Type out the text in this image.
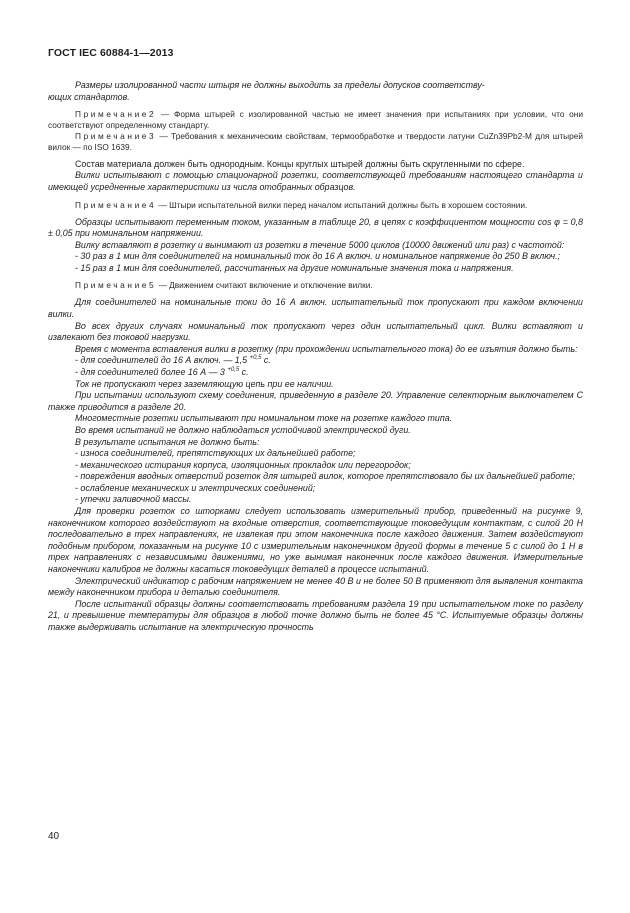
ГОСТ IEC 60884-1—2013

Размеры изолированной части штыря не должны выходить за пределы допусков соответству-
ющих стандартов.

Примечание2 — Форма штырей с изолированной частью не имеет значения при испытаниях при условии, что они соответствуют определенному стандарту.

Примечание3 — Требования к механическим свойствам, термообработке и твердости латуни CuZn39Pb2-M для штырей вилок — по ISO 1639.

Состав материала должен быть однородным. Концы круглых штырей должны быть скругленными по сфере.

Вилки испытывают с помощью стационарной розетки, соответствующей требованиям настоящего стандарта и имеющей усредненные характеристики из числа отобранных образцов.

Примечание4 — Штыри испытательной вилки перед началом испытаний должны быть в хорошем состоянии.

Образцы испытывают переменным током, указанным в таблице 20, в цепях с коэффициентом мощности cos φ = 0,8 ± 0,05 при номинальном напряжении.

Вилку вставляют в розетку и вынимают из розетки в течение 5000 циклов (10000 движений или раз) с частотой:

- 30 раз в 1 мин для соединителей на номинальный ток до 16 А включ. и номинальное напряжение до 250 В включ.;

- 15 раз в 1 мин для соединителей, рассчитанных на другие номинальные значения тока и напряжения.

Примечание5 — Движением считают включение и отключение вилки.

Для соединителей на номинальные токи до 16 А включ. испытательный ток пропускают при каждом включении вилки.

Во всех других случаях номинальный ток пропускают через один испытательный цикл. Вилки вставляют и извлекают без токовой нагрузки.

Время с момента вставления вилки в розетку (при прохождении испытательного тока) до ее изъятия должно быть:

- для соединителей до 16 А включ. — 1,5 $^{+0,5}$ с.

- для соединителей более 16 А — 3 $^{+0,5}$ с.

Ток не пропускают через заземляющую цепь при ее наличии.

При испытании используют схему соединения, приведенную в разделе 20. Управление селекторным выключателем С также приводится в разделе 20.

Многоместные розетки испытывают при номинальном токе на розетке каждого типа.

Во время испытаний не должно наблюдаться устойчивой электрической дуги.

В результате испытания не должно быть:

- износа соединителей, препятствующих их дальнейшей работе;

- механического истирания корпуса, изоляционных прокладок или перегородок;

- повреждения вводных отверстий розеток для штырей вилок, которое препятствовало бы их дальнейшей работе;

- ослабление механических и электрических соединений;

- утечки заливочной массы.

Для проверки розеток со шторками следует использовать измерительный прибор, приведенный на рисунке 9, наконечником которого воздействуют на входные отверстия, соответствующие токоведущим контактам, с силой 20 Н последовательно в трех направлениях, не извлекая при этом наконечника после каждого движения. Затем воздействуют подобным прибором, показанным на рисунке 10 с измерительным наконечником другой формы в течение 5 с силой до 1 Н в трех направлениях с независимыми движениями, но уже вынимая наконечник после каждого движения. Измерительные наконечники калибров не должны касаться токоведущих деталей в процессе испытаний.

Электрический индикатор с рабочим напряжением не менее 40 В и не более 50 В применяют для выявления контакта между наконечником прибора и деталью соединителя.

После испытаний образцы должны соответствовать требованиям раздела 19 при испытательном токе по разделу 21, и превышение температуры для образцов в любой точке должно быть не более 45 °С. Испытуемые образцы должны также выдерживать испытание на электрическую прочность

40
